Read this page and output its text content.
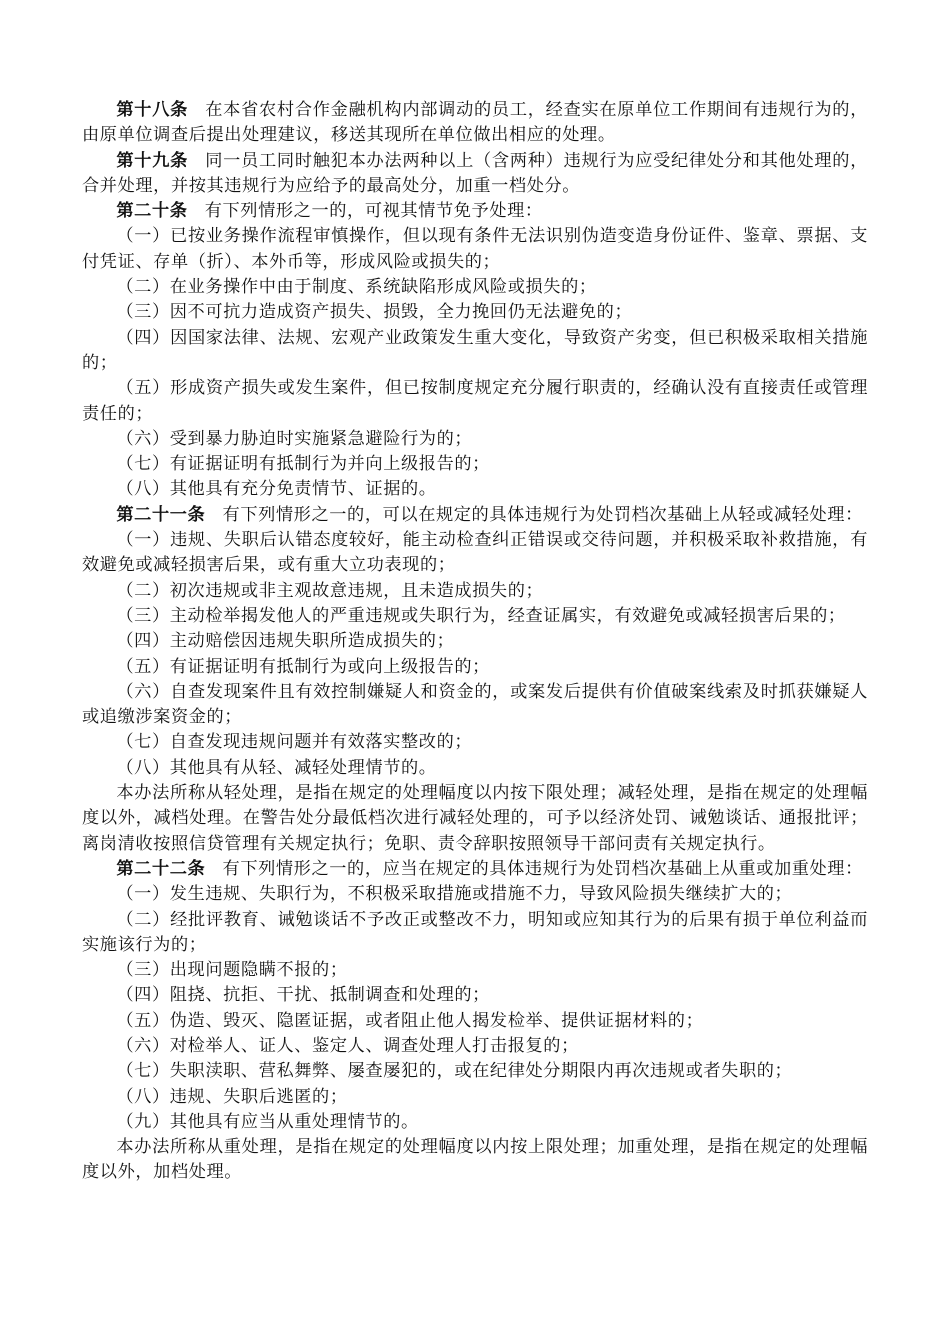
第十八条 在本省农村合作金融机构内部调动的员工，经查实在原单位工作期间有违规行为的，由原单位调查后提出处理建议，移送其现所在单位做出相应的处理。

第十九条 同一员工同时触犯本办法两种以上（含两种）违规行为应受纪律处分和其他处理的，合并处理，并按其违规行为应给予的最高处分，加重一档处分。

第二十条 有下列情形之一的，可视其情节免予处理：

（一）已按业务操作流程审慎操作，但以现有条件无法识别伪造变造身份证件、鉴章、票据、支付凭证、存单（折）、本外币等，形成风险或损失的；

（二）在业务操作中由于制度、系统缺陷形成风险或损失的；

（三）因不可抗力造成资产损失、损毁，全力挽回仍无法避免的；

（四）因国家法律、法规、宏观产业政策发生重大变化，导致资产劣变，但已积极采取相关措施的；

（五）形成资产损失或发生案件，但已按制度规定充分履行职责的，经确认没有直接责任或管理责任的；

（六）受到暴力胁迫时实施紧急避险行为的；

（七）有证据证明有抵制行为并向上级报告的；

（八）其他具有充分免责情节、证据的。

第二十一条 有下列情形之一的，可以在规定的具体违规行为处罚档次基础上从轻或减轻处理：

（一）违规、失职后认错态度较好，能主动检查纠正错误或交待问题，并积极采取补救措施，有效避免或减轻损害后果，或有重大立功表现的；

（二）初次违规或非主观故意违规，且未造成损失的；

（三）主动检举揭发他人的严重违规或失职行为，经查证属实，有效避免或减轻损害后果的；

（四）主动赔偿因违规失职所造成损失的；

（五）有证据证明有抵制行为或向上级报告的；

（六）自查发现案件且有效控制嫌疑人和资金的，或案发后提供有价值破案线索及时抓获嫌疑人或追缴涉案资金的；

（七）自查发现违规问题并有效落实整改的；

（八）其他具有从轻、减轻处理情节的。

本办法所称从轻处理，是指在规定的处理幅度以内按下限处理；减轻处理，是指在规定的处理幅度以外，减档处理。在警告处分最低档次进行减轻处理的，可予以经济处罚、诫勉谈话、通报批评；离岗清收按照信贷管理有关规定执行；免职、责令辞职按照领导干部问责有关规定执行。

第二十二条 有下列情形之一的，应当在规定的具体违规行为处罚档次基础上从重或加重处理：

（一）发生违规、失职行为，不积极采取措施或措施不力，导致风险损失继续扩大的；

（二）经批评教育、诫勉谈话不予改正或整改不力，明知或应知其行为的后果有损于单位利益而实施该行为的；

（三）出现问题隐瞒不报的；

（四）阻挠、抗拒、干扰、抵制调查和处理的；

（五）伪造、毁灭、隐匿证据，或者阻止他人揭发检举、提供证据材料的；

（六）对检举人、证人、鉴定人、调查处理人打击报复的；

（七）失职渎职、营私舞弊、屡查屡犯的，或在纪律处分期限内再次违规或者失职的；

（八）违规、失职后逃匿的；

（九）其他具有应当从重处理情节的。

本办法所称从重处理，是指在规定的处理幅度以内按上限处理；加重处理，是指在规定的处理幅度以外，加档处理。
